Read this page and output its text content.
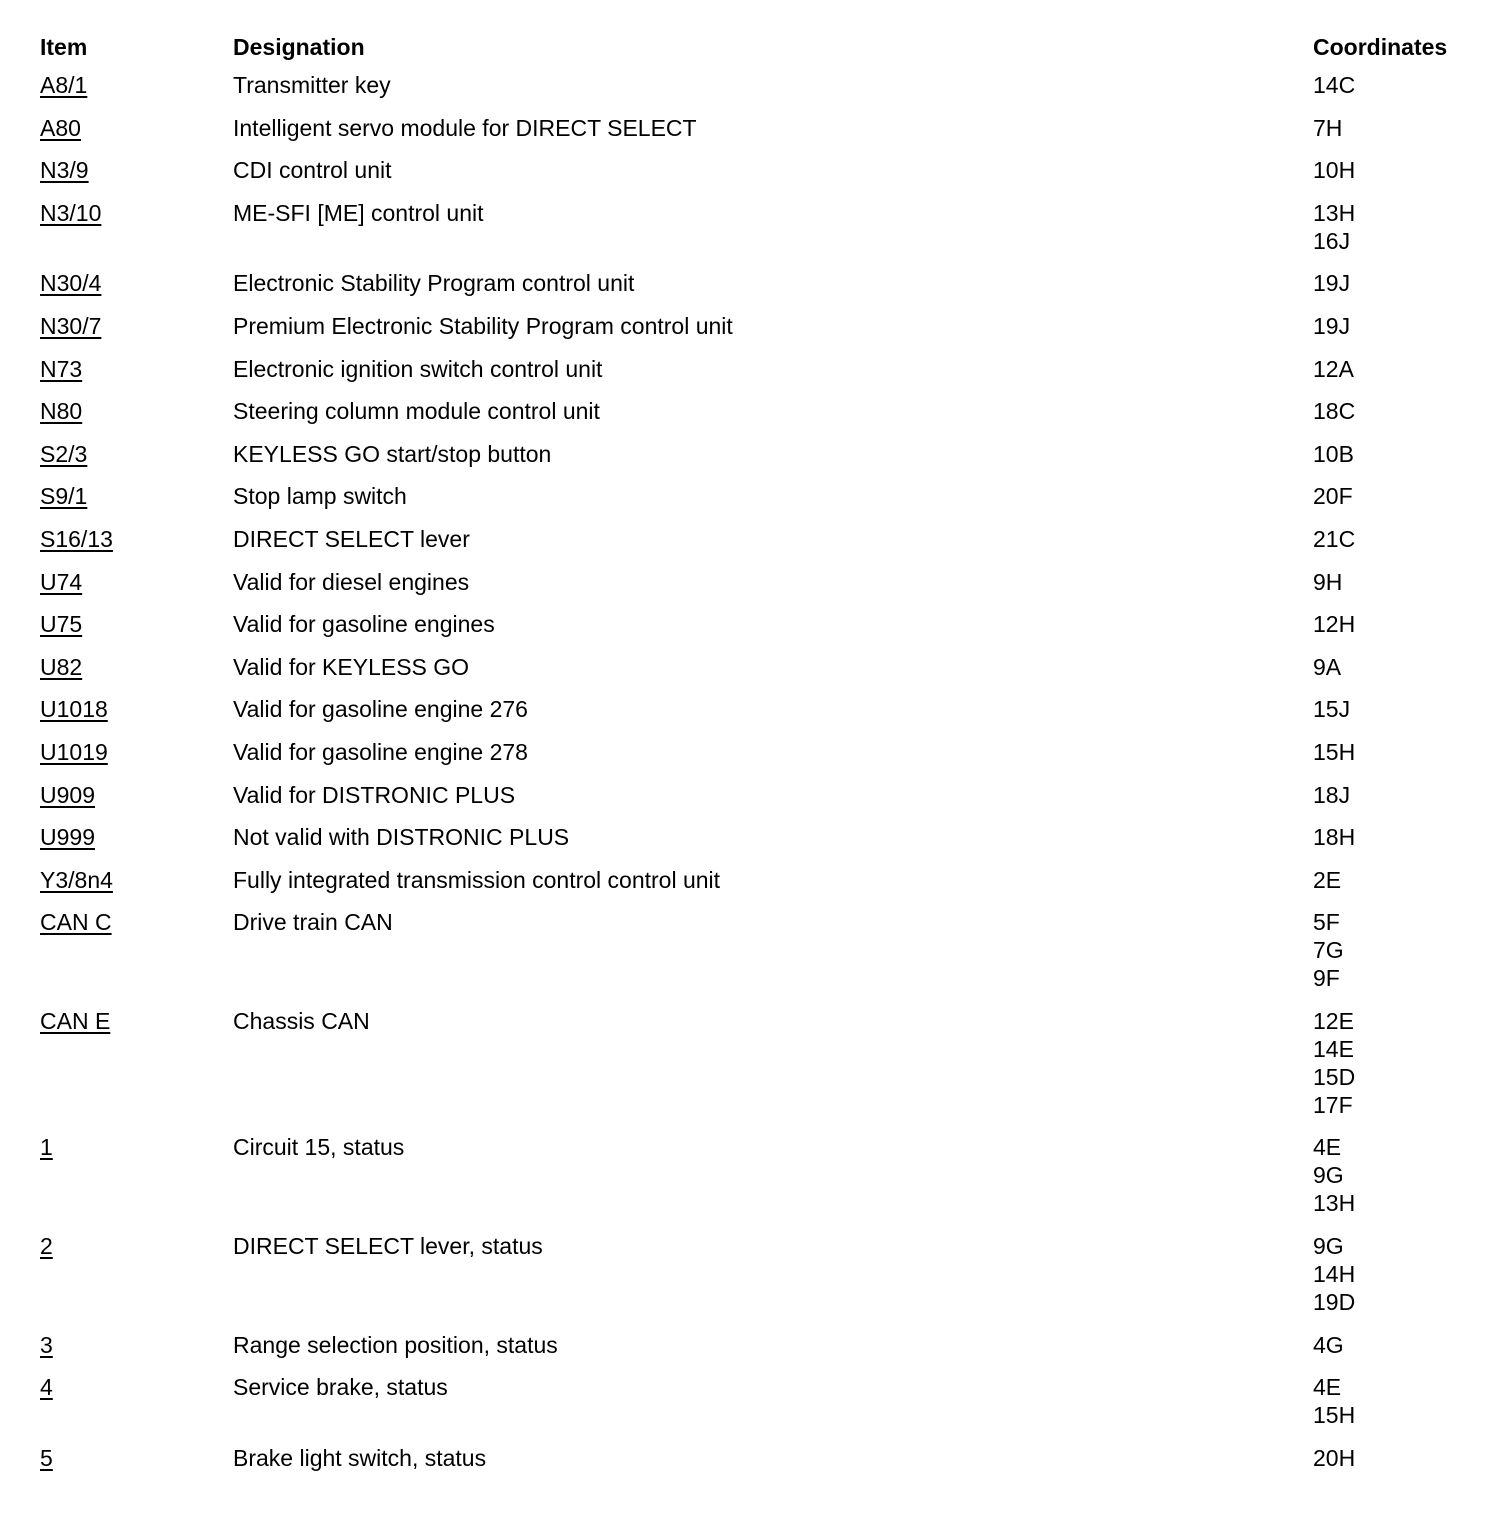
Item	Designation	Coordinates
A8/1	Transmitter key	14C

A80	Intelligent servo module for DIRECT SELECT	7H

N3/9	CDI control unit	10H

N3/10	ME-SFI [ME] control unit	13H
16J

N30/4	Electronic Stability Program control unit	19J

N30/7	Premium Electronic Stability Program control unit	19J

N73	Electronic ignition switch control unit	12A

N80	Steering column module control unit	18C

S2/3	KEYLESS GO start/stop button	10B

S9/1	Stop lamp switch	20F

S16/13	DIRECT SELECT lever	21C

U74	Valid for diesel engines	9H

U75	Valid for gasoline engines	12H

U82	Valid for KEYLESS GO	9A

U1018	Valid for gasoline engine 276	15J

U1019	Valid for gasoline engine 278	15H

U909	Valid for DISTRONIC PLUS	18J

U999	Not valid with DISTRONIC PLUS	18H

Y3/8n4	Fully integrated transmission control control unit	2E

CAN C	Drive train CAN	5F
7G
9F

CAN E	Chassis CAN	12E
14E
15D
17F

1	Circuit 15, status	4E
9G
13H

2	DIRECT SELECT lever, status	9G
14H
19D

3	Range selection position, status	4G

4	Service brake, status	4E
15H

5	Brake light switch, status	20H
